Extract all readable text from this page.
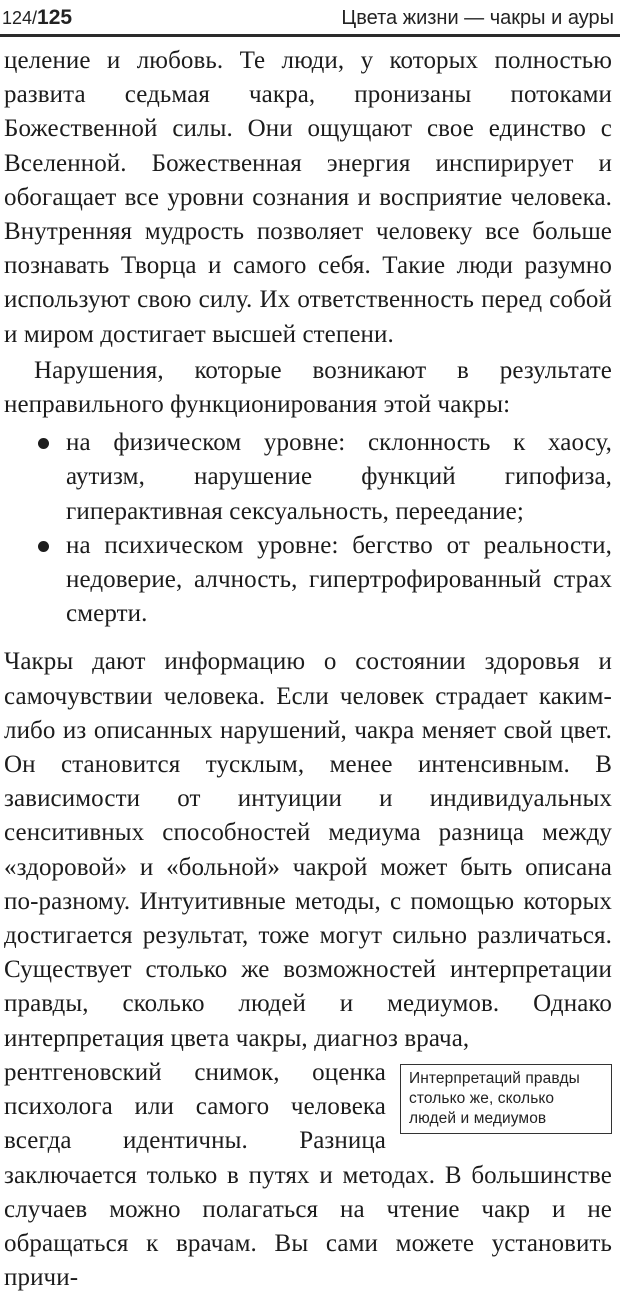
124/125	Цвета жизни — чакры и ауры

целение и любовь. Те люди, у которых полностью развита седьмая чакра, пронизаны потоками Божественной силы. Они ощущают свое единство с Вселенной. Божественная энергия инспирирует и обогащает все уровни сознания и восприятие человека. Внутренняя мудрость позволяет человеку все больше познавать Творца и самого себя. Такие люди разумно используют свою силу. Их ответственность перед собой и миром достигает высшей степени.

Нарушения, которые возникают в результате неправильного функционирования этой чакры:

на физическом уровне: склонность к хаосу, аутизм, нарушение функций гипофиза, гиперактивная сексуальность, переедание;
на психическом уровне: бегство от реальности, недоверие, алчность, гипертрофированный страх смерти.

Чакры дают информацию о состоянии здоровья и самочувствии человека. Если человек страдает каким-либо из описанных нарушений, чакра меняет свой цвет. Он становится тусклым, менее интенсивным. В зависимости от интуиции и индивидуальных сенситивных способностей медиума разница между «здоровой» и «больной» чакрой может быть описана по-разному. Интуитивные методы, с помощью которых достигается результат, тоже могут сильно различаться. Существует столько же возможностей интерпретации правды, сколько людей и медиумов. Однако интерпретация цвета чакры, диагноз врача,

Интерпретаций правды столько же, сколько людей и медиумов

рентгеновский снимок, оценка психолога или самого человека всегда идентичны. Разница заключается только в путях и методах. В большинстве случаев можно полагаться на чтение чакр и не обращаться к врачам. Вы сами можете установить причи-
